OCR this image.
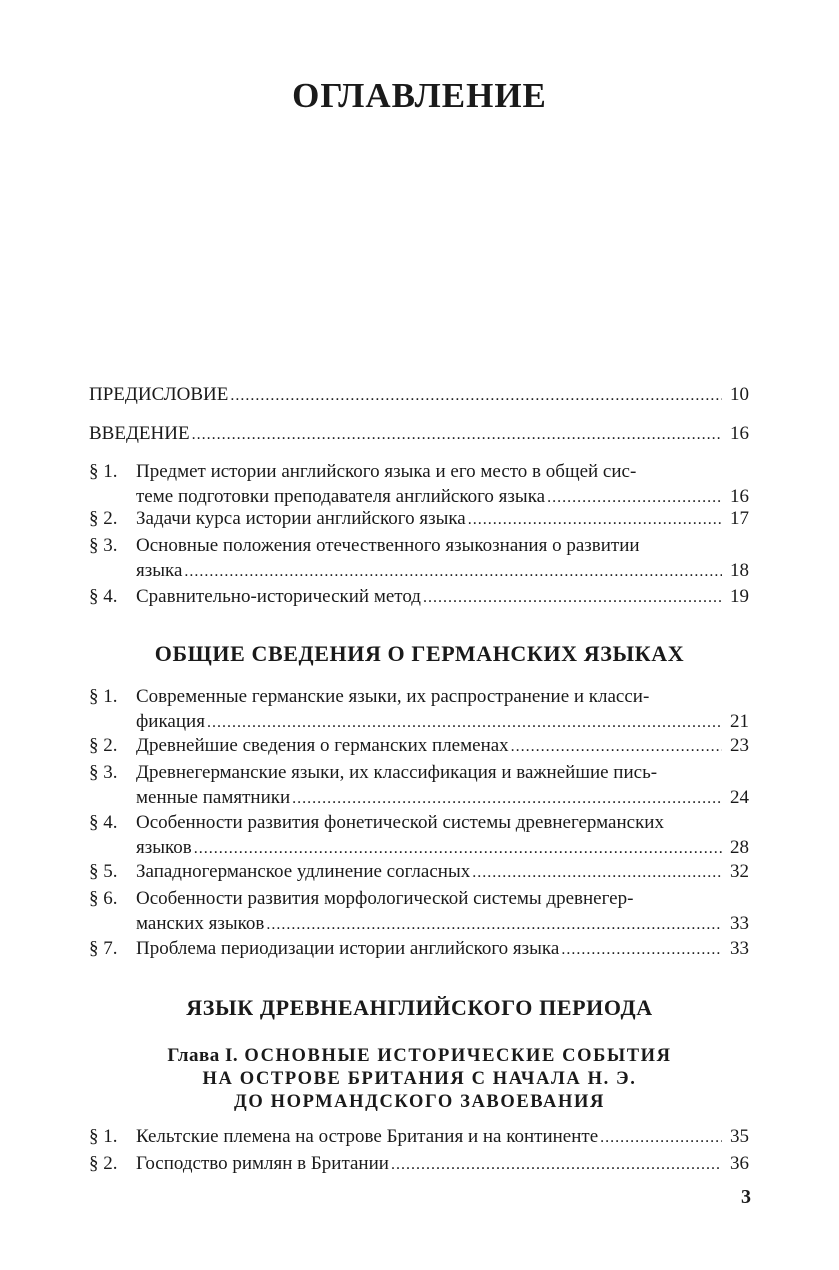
ОГЛАВЛЕНИЕ
ПРЕДИСЛОВИЕ .....	10
ВВЕДЕНИЕ .....	16
§ 1. Предмет истории английского языка и его место в общей сис-
теме подготовки преподавателя английского языка .....	16
§ 2. Задачи курса истории английского языка .....	17
§ 3. Основные положения отечественного языкознания о развитии
языка .....	18
§ 4. Сравнительно-исторический метод .....	19
ОБЩИЕ СВЕДЕНИЯ О ГЕРМАНСКИХ ЯЗЫКАХ
§ 1. Современные германские языки, их распространение и класси-
фикация .....	21
§ 2. Древнейшие сведения о германских племенах .....	23
§ 3. Древнегерманские языки, их классификация и важнейшие пись-
менные памятники .....	24
§ 4. Особенности развития фонетической системы древнегерманских
языков .....	28
§ 5. Западногерманское удлинение согласных .....	32
§ 6. Особенности развития морфологической системы древнегер-
манских языков .....	33
§ 7. Проблема периодизации истории английского языка .....	33
ЯЗЫК ДРЕВНЕАНГЛИЙСКОГО ПЕРИОДА
Глава I. ОСНОВНЫЕ ИСТОРИЧЕСКИЕ СОБЫТИЯ
НА ОСТРОВЕ БРИТАНИЯ С НАЧАЛА Н. Э.
ДО НОРМАНДСКОГО ЗАВОЕВАНИЯ
§ 1. Кельтские племена на острове Британия и на континенте .....	35
§ 2. Господство римлян в Британии .....	36
3
